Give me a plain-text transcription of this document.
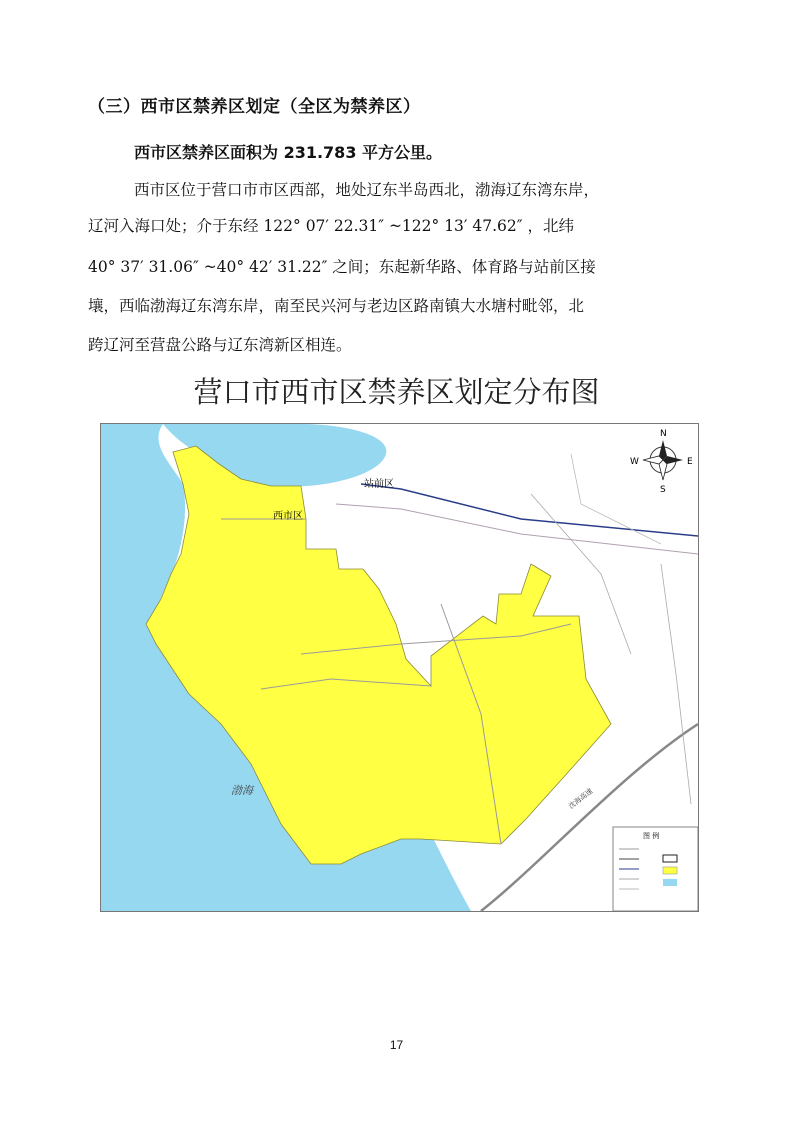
（三）西市区禁养区划定（全区为禁养区）
西市区禁养区面积为 231.783 平方公里。
西市区位于营口市市区西部，地处辽东半岛西北，渤海辽东湾东岸，
辽河入海口处；介于东经 122° 07′ 22.31″ ~122° 13′ 47.62″ ，北纬
40° 37′ 31.06″ ~40° 42′ 31.22″ 之间；东起新华路、体育路与站前区接
壤，西临渤海辽东湾东岸，南至民兴河与老边区路南镇大水塘村毗邻，北
跨辽河至营盘公路与辽东湾新区相连。
营口市西市区禁养区划定分布图
西市区
站前区
渤海	沈海高速
N
S
E
W
图 例
17
